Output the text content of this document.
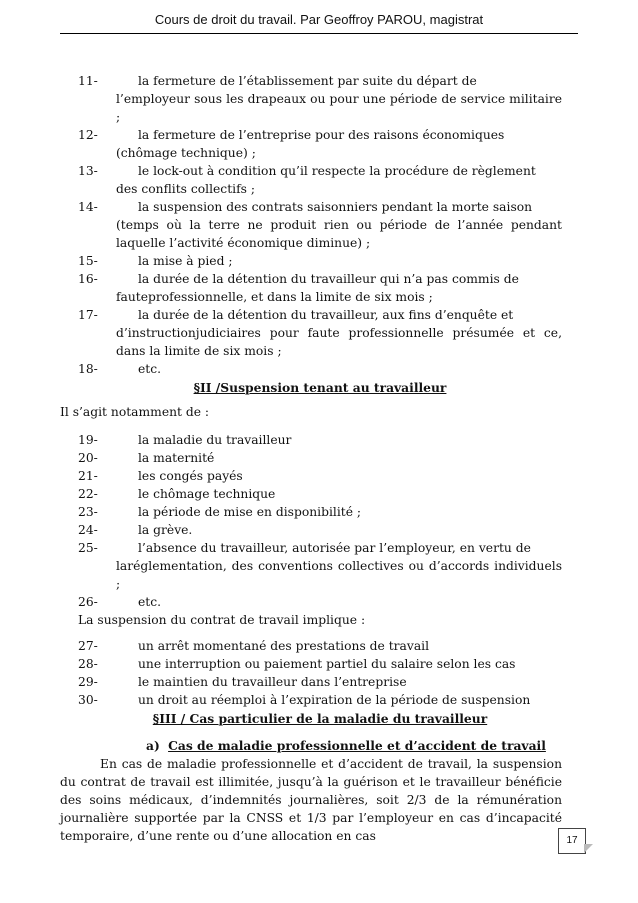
Cours de droit du travail. Par Geoffroy PAROU, magistrat
11-	la fermeture de l’établissement par suite du départ de
l’employeur sous les drapeaux ou pour une période de service militaire ;
12-	la fermeture de l’entreprise pour des raisons économiques
(chômage technique) ;
13-	le lock-out à condition qu’il respecte la procédure de règlement
des conflits collectifs ;
14-	la suspension des contrats saisonniers pendant la morte saison
(temps où la terre ne produit rien ou période de l’année pendant laquelle l’activité économique diminue) ;
15-	la mise à pied ;
16-	la durée de la détention du travailleur qui n’a pas commis de
fauteprofessionnelle, et dans la limite de six mois ;
17-	la durée de la détention du travailleur, aux fins d’enquête et
d’instructionjudiciaires pour faute professionnelle présumée et ce, dans la limite de six mois ;
18-	etc.
§II /Suspension tenant au travailleur
Il s’agit notamment de :
19-	la maladie du travailleur
20-	la maternité
21-	les congés payés
22-	le chômage technique
23-	la période de mise en disponibilité ;
24-	la grève.
25-	l’absence du travailleur, autorisée par l’employeur, en vertu de
laréglementation, des conventions collectives ou d’accords individuels ;
26-	etc.
La suspension du contrat de travail implique :
27-	un arrêt momentané des prestations de travail
28-	une interruption ou paiement partiel du salaire selon les cas
29-	le maintien du travailleur dans l’entreprise
30-	un droit au réemploi à l’expiration de la période de suspension
§III / Cas particulier de la maladie du travailleur
a) Cas de maladie professionnelle et d’accident de travail
En cas de maladie professionnelle et d’accident de travail, la suspension du contrat de travail est illimitée, jusqu’à la guérison et le travailleur bénéficie des soins médicaux, d’indemnités journalières, soit 2/3 de la rémunération journalière supportée par la CNSS et 1/3 par l’employeur en cas d’incapacité temporaire, d’une rente ou d’une allocation en cas	17
